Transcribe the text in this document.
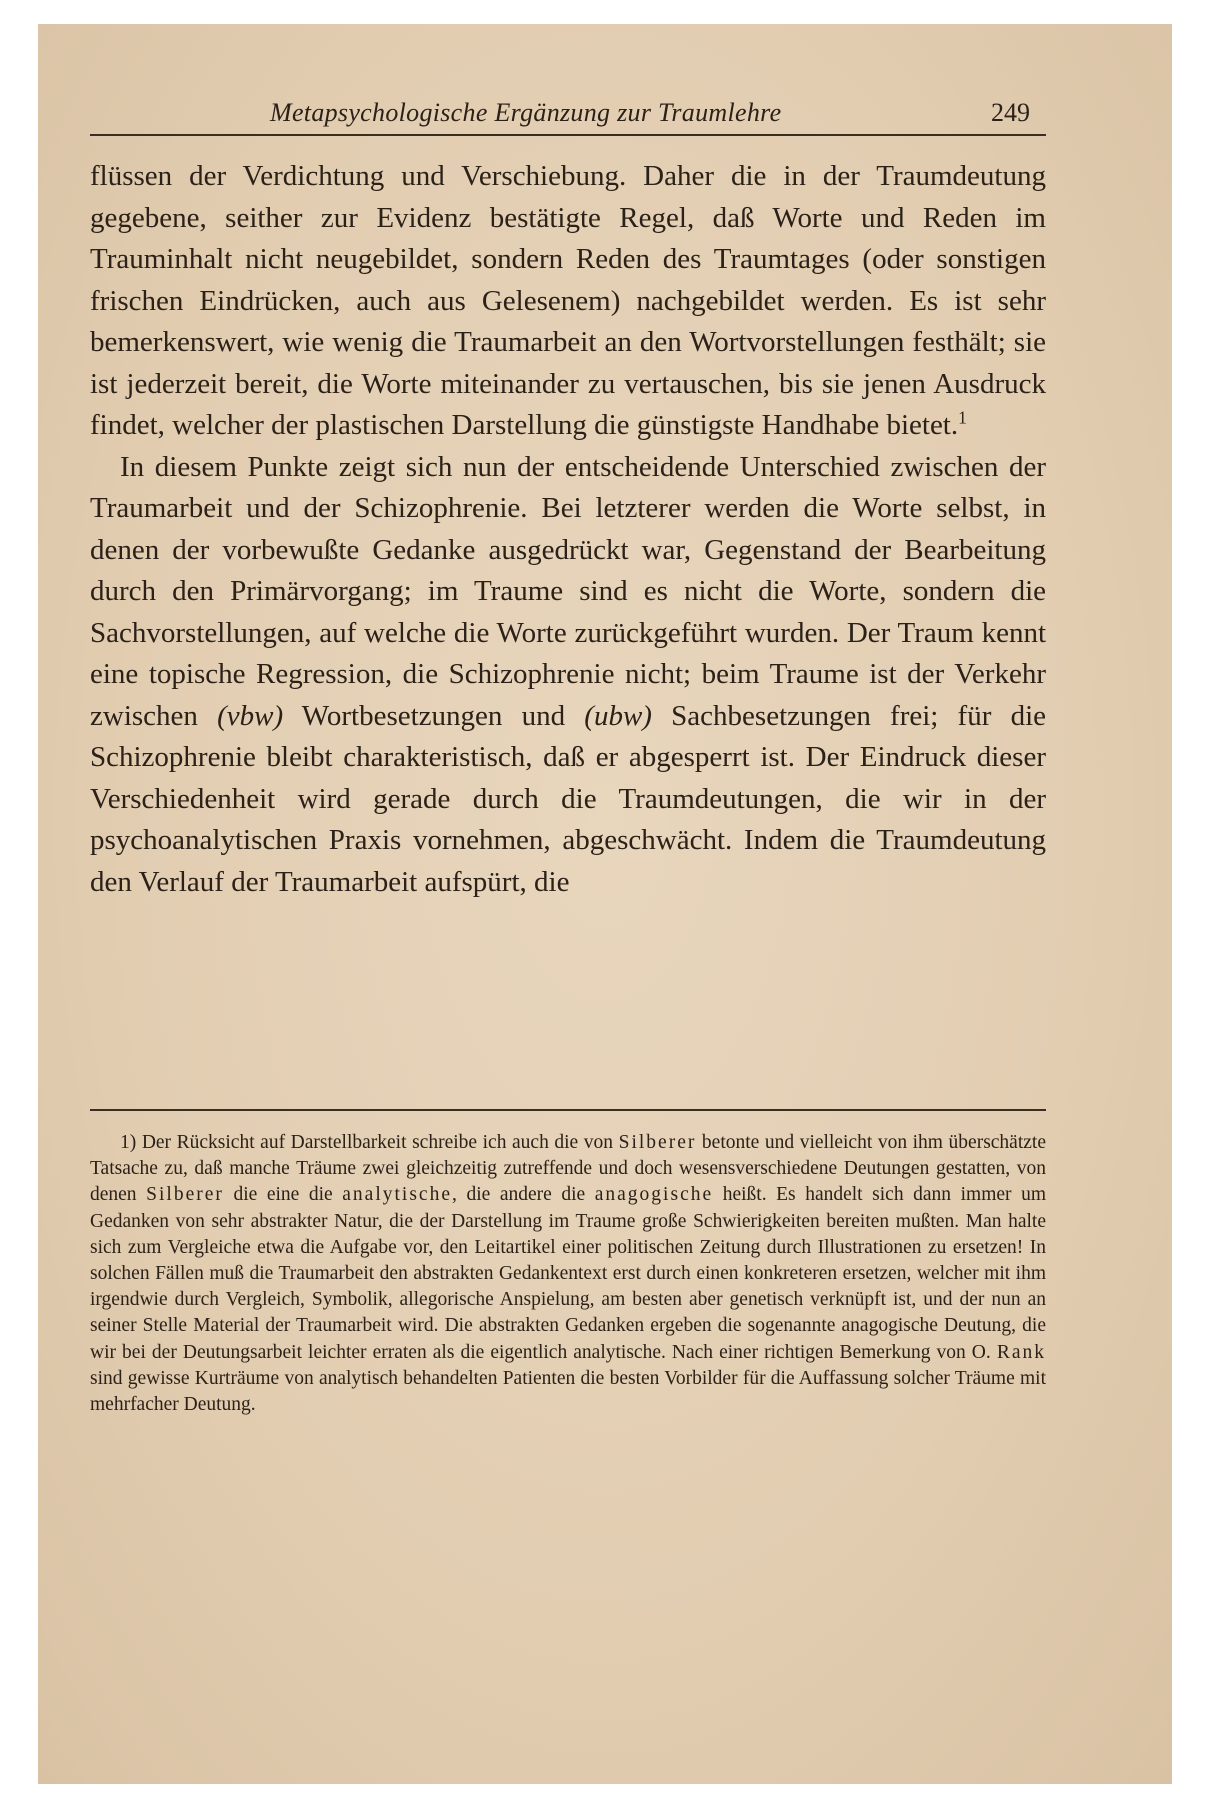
Metapsychologische Ergänzung zur Traumlehre	249

flüssen der Verdichtung und Verschiebung. Daher die in der Traumdeutung gegebene, seither zur Evidenz bestätigte Regel, daß Worte und Reden im Trauminhalt nicht neugebildet, sondern Reden des Traumtages (oder sonstigen frischen Eindrücken, auch aus Gelesenem) nachgebildet werden. Es ist sehr bemerkenswert, wie wenig die Traumarbeit an den Wortvorstellungen festhält; sie ist jederzeit bereit, die Worte miteinander zu vertauschen, bis sie jenen Ausdruck findet, welcher der plastischen Darstellung die günstigste Handhabe bietet.$^1$

In diesem Punkte zeigt sich nun der entscheidende Unterschied zwischen der Traumarbeit und der Schizophrenie. Bei letzterer werden die Worte selbst, in denen der vorbewußte Gedanke ausgedrückt war, Gegenstand der Bearbeitung durch den Primärvorgang; im Traume sind es nicht die Worte, sondern die Sachvorstellungen, auf welche die Worte zurückgeführt wurden. Der Traum kennt eine topische Regression, die Schizophrenie nicht; beim Traume ist der Verkehr zwischen (vbw) Wortbesetzungen und (ubw) Sachbesetzungen frei; für die Schizophrenie bleibt charakteristisch, daß er abgesperrt ist. Der Eindruck dieser Verschiedenheit wird gerade durch die Traumdeutungen, die wir in der psychoanalytischen Praxis vornehmen, abgeschwächt. Indem die Traumdeutung den Verlauf der Traumarbeit aufspürt, die

1) Der Rücksicht auf Darstellbarkeit schreibe ich auch die von Silberer betonte und vielleicht von ihm überschätzte Tatsache zu, daß manche Träume zwei gleichzeitig zutreffende und doch wesensverschiedene Deutungen gestatten, von denen Silberer die eine die analytische, die andere die anagogische heißt. Es handelt sich dann immer um Gedanken von sehr abstrakter Natur, die der Darstellung im Traume große Schwierigkeiten bereiten mußten. Man halte sich zum Vergleiche etwa die Aufgabe vor, den Leitartikel einer politischen Zeitung durch Illustrationen zu ersetzen! In solchen Fällen muß die Traumarbeit den abstrakten Gedankentext erst durch einen konkreteren ersetzen, welcher mit ihm irgendwie durch Vergleich, Symbolik, allegorische Anspielung, am besten aber genetisch verknüpft ist, und der nun an seiner Stelle Material der Traumarbeit wird. Die abstrakten Gedanken ergeben die sogenannte anagogische Deutung, die wir bei der Deutungsarbeit leichter erraten als die eigentlich analytische. Nach einer richtigen Bemerkung von O. Rank sind gewisse Kurträume von analytisch behandelten Patienten die besten Vorbilder für die Auffassung solcher Träume mit mehrfacher Deutung.
